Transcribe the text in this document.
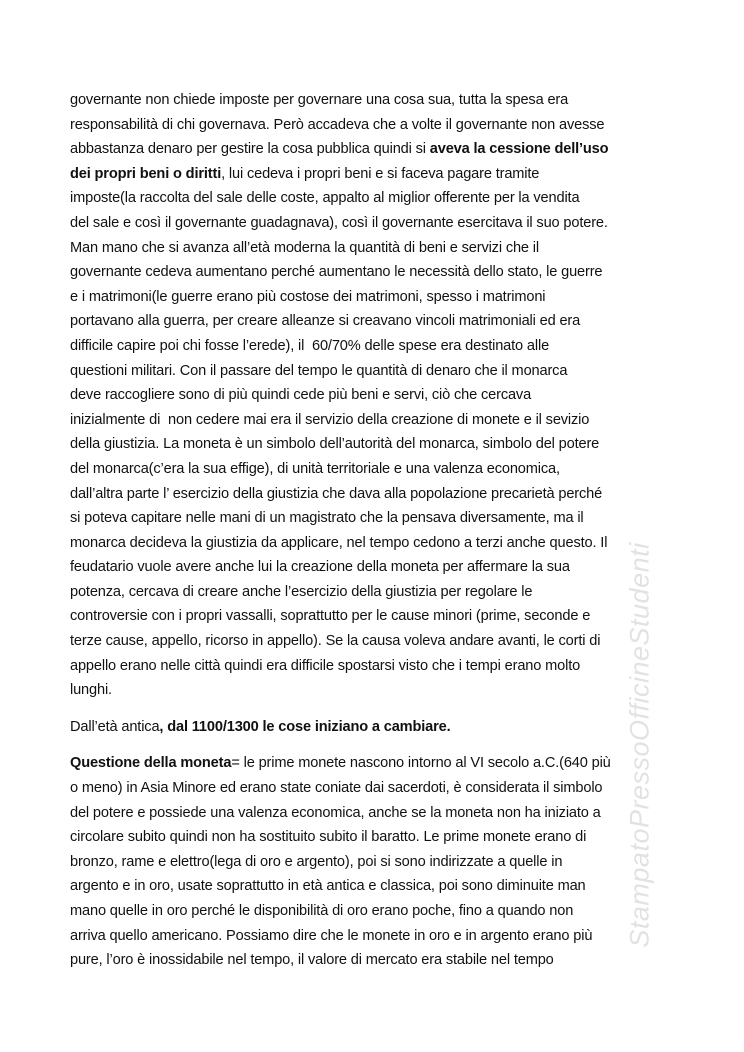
governante non chiede imposte per governare una cosa sua, tutta la spesa era
responsabilità di chi governava. Però accadeva che a volte il governante non avesse
abbastanza denaro per gestire la cosa pubblica quindi si aveva la cessione dell’uso
dei propri beni o diritti, lui cedeva i propri beni e si faceva pagare tramite
imposte(la raccolta del sale delle coste, appalto al miglior offerente per la vendita
del sale e così il governante guadagnava), così il governante esercitava il suo potere.
Man mano che si avanza all’età moderna la quantità di beni e servizi che il
governante cedeva aumentano perché aumentano le necessità dello stato, le guerre
e i matrimoni(le guerre erano più costose dei matrimoni, spesso i matrimoni
portavano alla guerra, per creare alleanze si creavano vincoli matrimoniali ed era
difficile capire poi chi fosse l’erede), il  60/70% delle spese era destinato alle
questioni militari. Con il passare del tempo le quantità di denaro che il monarca
deve raccogliere sono di più quindi cede più beni e servi, ciò che cercava
inizialmente di  non cedere mai era il servizio della creazione di monete e il sevizio
della giustizia. La moneta è un simbolo dell’autorità del monarca, simbolo del potere
del monarca(c’era la sua effige), di unità territoriale e una valenza economica,
dall’altra parte l’ esercizio della giustizia che dava alla popolazione precarietà perché
si poteva capitare nelle mani di un magistrato che la pensava diversamente, ma il
monarca decideva la giustizia da applicare, nel tempo cedono a terzi anche questo. Il
feudatario vuole avere anche lui la creazione della moneta per affermare la sua
potenza, cercava di creare anche l’esercizio della giustizia per regolare le
controversie con i propri vassalli, soprattutto per le cause minori (prime, seconde e
terze cause, appello, ricorso in appello). Se la causa voleva andare avanti, le corti di
appello erano nelle città quindi era difficile spostarsi visto che i tempi erano molto
lunghi.
Dall’età antica, dal 1100/1300 le cose iniziano a cambiare.
Questione della moneta= le prime monete nascono intorno al VI secolo a.C.(640 più
o meno) in Asia Minore ed erano state coniate dai sacerdoti, è considerata il simbolo
del potere e possiede una valenza economica, anche se la moneta non ha iniziato a
circolare subito quindi non ha sostituito subito il baratto. Le prime monete erano di
bronzo, rame e elettro(lega di oro e argento), poi si sono indirizzate a quelle in
argento e in oro, usate soprattutto in età antica e classica, poi sono diminuite man
mano quelle in oro perché le disponibilità di oro erano poche, fino a quando non
arriva quello americano. Possiamo dire che le monete in oro e in argento erano più
pure, l’oro è inossidabile nel tempo, il valore di mercato era stabile nel tempo
StampatoPressoOfficineStudenti
